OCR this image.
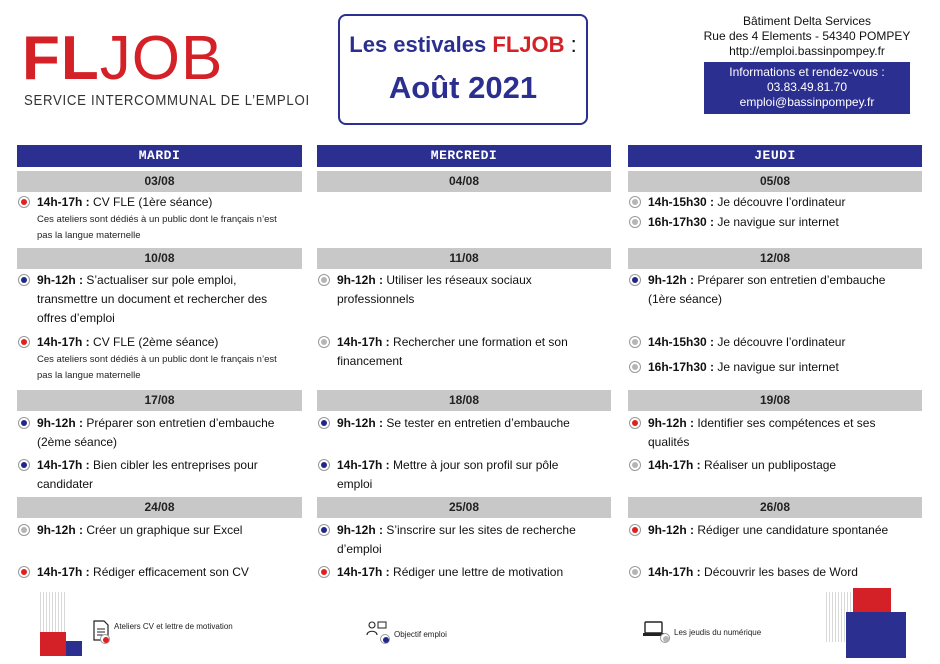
FLJOB
SERVICE INTERCOMMUNAL DE L’EMPLOI
Les estivales FLJOB :
Août 2021
Bâtiment Delta Services
Rue des 4 Elements - 54340 POMPEY
http://emploi.bassinpompey.fr
Informations et rendez-vous :
03.83.49.81.70
emploi@bassinpompey.fr
MARDI
03/08
14h-17h : CV FLE (1ère séance)
Ces ateliers sont dédiés à un public dont le français n’est
pas la langue maternelle
10/08
9h-12h : S’actualiser sur pole emploi,
transmettre un document et rechercher des
offres d’emploi
14h-17h : CV FLE (2ème séance)
Ces ateliers sont dédiés à un public dont le français n’est
pas la langue maternelle
17/08
9h-12h : Préparer son entretien d’embauche
(2ème séance)
14h-17h : Bien cibler les entreprises pour
candidater
24/08
9h-12h : Créer un graphique sur Excel
14h-17h : Rédiger efficacement son CV
MERCREDI
04/08
11/08
9h-12h : Utiliser les réseaux sociaux
professionnels
14h-17h : Rechercher une formation et son
financement
18/08
9h-12h : Se tester en entretien d’embauche
14h-17h : Mettre à jour son profil sur pôle
emploi
25/08
9h-12h : S’inscrire sur les sites de recherche
d’emploi
14h-17h : Rédiger une lettre de motivation
JEUDI
05/08
14h-15h30 : Je découvre l’ordinateur
16h-17h30 : Je navigue sur internet
12/08
9h-12h : Préparer son entretien d’embauche
(1ère séance)
14h-15h30 : Je découvre l’ordinateur
16h-17h30 : Je navigue sur internet
19/08
9h-12h : Identifier ses compétences et ses
qualités
14h-17h : Réaliser un publipostage
26/08
9h-12h : Rédiger une candidature spontanée
14h-17h : Découvrir les bases de Word
Ateliers CV et lettre de motivation
Objectif emploi	Les jeudis du numérique
